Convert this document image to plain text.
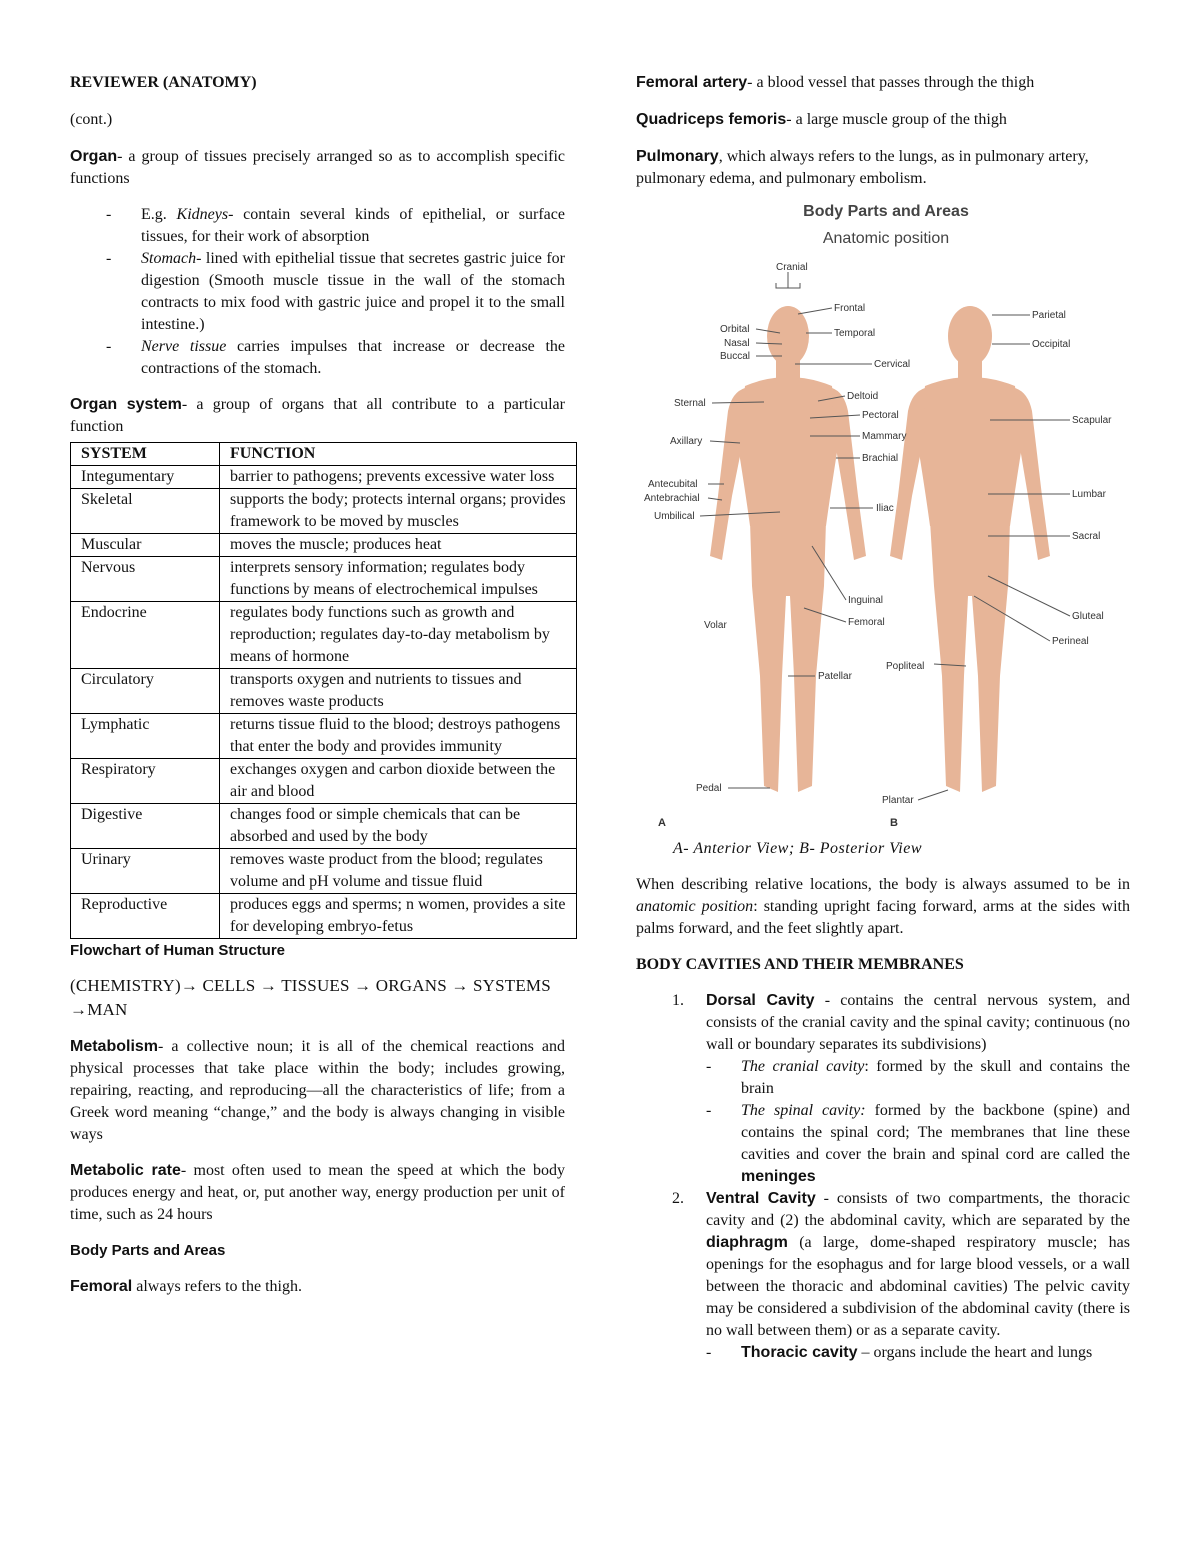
REVIEWER (ANATOMY)

(cont.)

Organ- a group of tissues precisely arranged so as to accomplish specific functions

- E.g. Kidneys- contain several kinds of epithelial, or surface tissues, for their work of absorption

- Stomach- lined with epithelial tissue that secretes gastric juice for digestion (Smooth muscle tissue in the wall of the stomach contracts to mix food with gastric juice and propel it to the small intestine.)

- Nerve tissue carries impulses that increase or decrease the contractions of the stomach.

Organ system- a group of organs that all contribute to a particular function

SYSTEM	FUNCTION
Integumentary	barrier to pathogens; prevents excessive water loss
Skeletal	supports the body; protects internal organs; provides framework to be moved by muscles
Muscular	moves the muscle; produces heat
Nervous	interprets sensory information; regulates body functions by means of electrochemical impulses
Endocrine	regulates body functions such as growth and reproduction; regulates day-to-day metabolism by means of hormone
Circulatory	transports oxygen and nutrients to tissues and removes waste products
Lymphatic	returns tissue fluid to the blood; destroys pathogens that enter the body and provides immunity
Respiratory	exchanges oxygen and carbon dioxide between the air and blood
Digestive	changes food or simple chemicals that can be absorbed and used by the body
Urinary	removes waste product from the blood; regulates volume and pH volume and tissue fluid
Reproductive	produces eggs and sperms; n women, provides a site for developing embryo-fetus

Flowchart of Human Structure

(CHEMISTRY)→ CELLS → TISSUES → ORGANS → SYSTEMS →MAN

Metabolism- a collective noun; it is all of the chemical reactions and physical processes that take place within the body; includes growing, repairing, reacting, and reproducing—all the characteristics of life; from a Greek word meaning “change,” and the body is always changing in visible ways

Metabolic rate- most often used to mean the speed at which the body produces energy and heat, or, put another way, energy production per unit of time, such as 24 hours

Body Parts and Areas

Femoral always refers to the thigh.

Femoral artery- a blood vessel that passes through the thigh

Quadriceps femoris- a large muscle group of the thigh

Pulmonary, which always refers to the lungs, as in pulmonary artery, pulmonary edema, and pulmonary embolism.

Body Parts and Areas
Anatomic position
Cranial
Frontal
Orbital	Temporal
Nasal
Buccal
Cervical
Sternal
Deltoid
Pectoral
Mammary
Axillary
Brachial
Antecubital
Antebrachial
Umbilical
Iliac
Inguinal
Volar	Femoral
Patellar
Pedal
Parietal
Occipital
Scapular
Lumbar
Sacral
Gluteal
Perineal
Popliteal
Plantar
A	B

A- Anterior View; B- Posterior View

When describing relative locations, the body is always assumed to be in anatomic position: standing upright facing forward, arms at the sides with palms forward, and the feet slightly apart.

BODY CAVITIES AND THEIR MEMBRANES

1. Dorsal Cavity - contains the central nervous system, and consists of the cranial cavity and the spinal cavity; continuous (no wall or boundary separates its subdivisions)

- The cranial cavity: formed by the skull and contains the brain

- The spinal cavity: formed by the backbone (spine) and contains the spinal cord; The membranes that line these cavities and cover the brain and spinal cord are called the meninges

2. Ventral Cavity - consists of two compartments, the thoracic cavity and (2) the abdominal cavity, which are separated by the diaphragm (a large, dome-shaped respiratory muscle; has openings for the esophagus and for large blood vessels, or a wall between the thoracic and abdominal cavities) The pelvic cavity may be considered a subdivision of the abdominal cavity (there is no wall between them) or as a separate cavity.

- Thoracic cavity – organs include the heart and lungs
